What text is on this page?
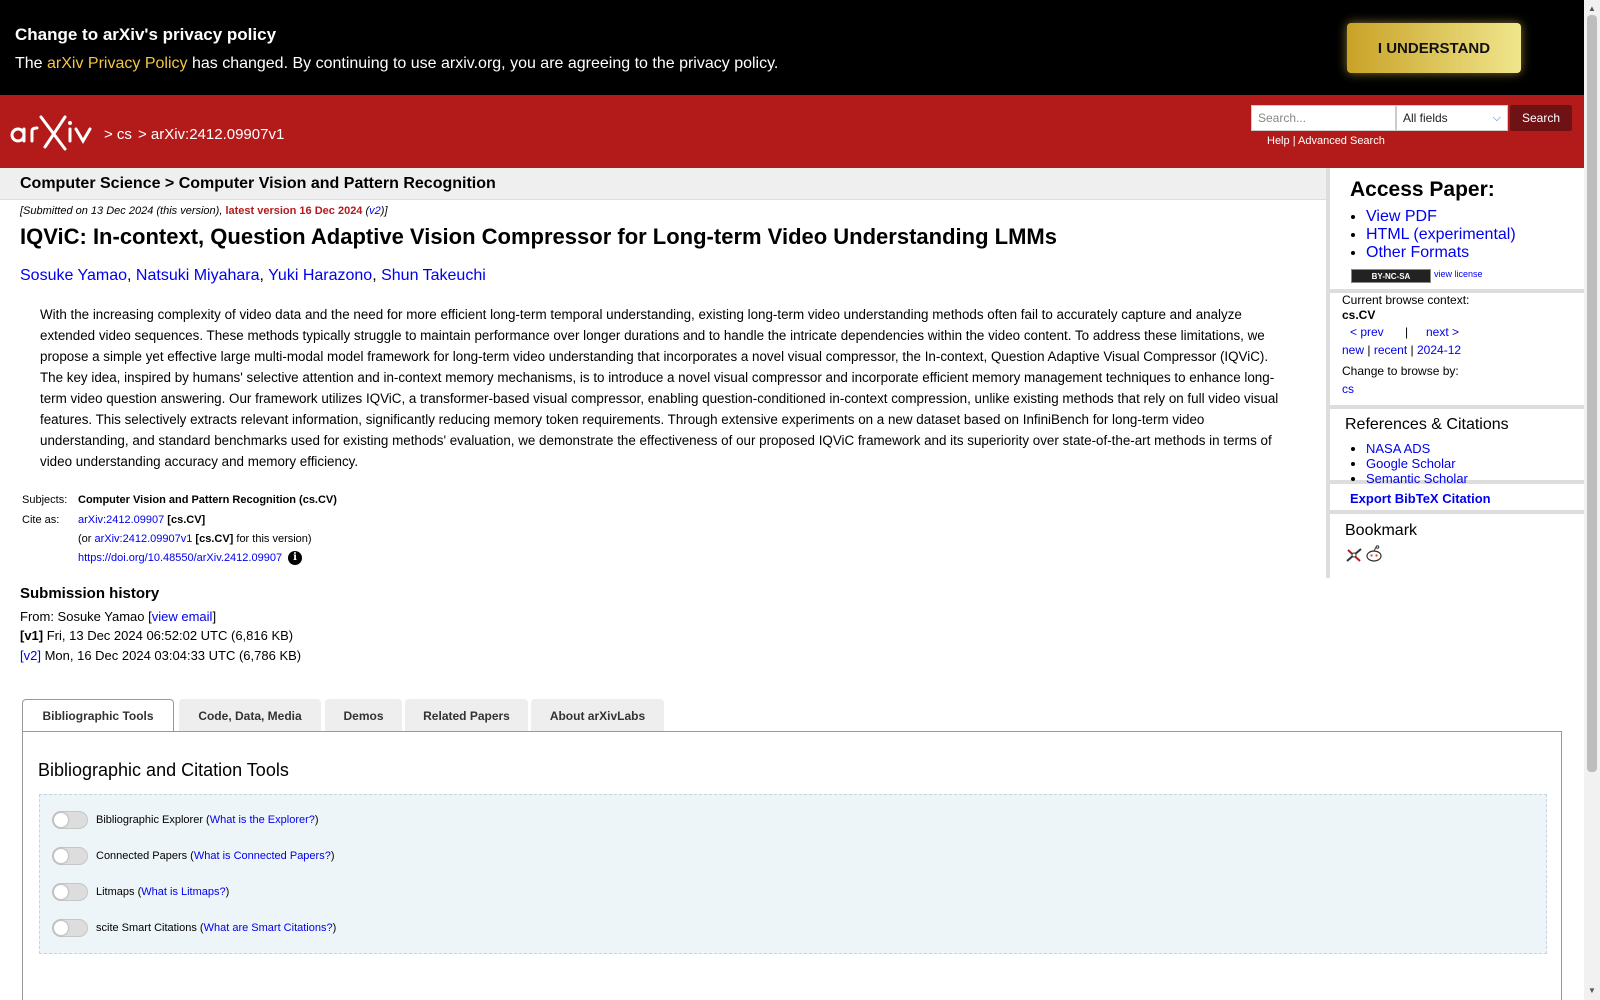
Change to arXiv's privacy policy
The arXiv Privacy Policy has changed. By continuing to use arxiv.org, you are agreeing to the privacy policy.
I UNDERSTAND
> cs > arXiv:2412.09907v1
Search...	All fields	⌵	Search
Help | Advanced Search
Computer Science > Computer Vision and Pattern Recognition
[Submitted on 13 Dec 2024 (this version), latest version 16 Dec 2024 (v2)]
IQViC: In-context, Question Adaptive Vision Compressor for Long-term Video Understanding LMMs
Sosuke Yamao, Natsuki Miyahara, Yuki Harazono, Shun Takeuchi
With the increasing complexity of video data and the need for more efficient long-term temporal understanding, existing long-term video understanding methods often fail to accurately capture and analyze extended video sequences. These methods typically struggle to maintain performance over longer durations and to handle the intricate dependencies within the video content. To address these limitations, we propose a simple yet effective large multi-modal model framework for long-term video understanding that incorporates a novel visual compressor, the In-context, Question Adaptive Visual Compressor (IQViC). The key idea, inspired by humans' selective attention and in-context memory mechanisms, is to introduce a novel visual compressor and incorporate efficient memory management techniques to enhance long-term video question answering. Our framework utilizes IQViC, a transformer-based visual compressor, enabling question-conditioned in-context compression, unlike existing methods that rely on full video visual features. This selectively extracts relevant information, significantly reducing memory token requirements. Through extensive experiments on a new dataset based on InfiniBench for long-term video understanding, and standard benchmarks used for existing methods' evaluation, we demonstrate the effectiveness of our proposed IQViC framework and its superiority over state-of-the-art methods in terms of video understanding accuracy and memory efficiency.
Subjects: Computer Vision and Pattern Recognition (cs.CV)
Cite as: arXiv:2412.09907 [cs.CV]
(or arXiv:2412.09907v1 [cs.CV] for this version)
https://doi.org/10.48550/arXiv.2412.09907 i
Submission history
From: Sosuke Yamao [view email]
[v1] Fri, 13 Dec 2024 06:52:02 UTC (6,816 KB)
[v2] Mon, 16 Dec 2024 03:04:33 UTC (6,786 KB)
Access Paper:
• View PDF
• HTML (experimental)
• Other Formats
BY-NC-SA	view license
Current browse context:
cs.CV
< prev | next >
new | recent | 2024-12
Change to browse by:
cs
References & Citations
• NASA ADS
• Google Scholar
• Semantic Scholar
Export BibTeX Citation
Bookmark
Bibliographic Tools	Code, Data, Media	Demos	Related Papers	About arXivLabs
Bibliographic and Citation Tools
Bibliographic Explorer ( What is the Explorer? )
Connected Papers ( What is Connected Papers? )
Litmaps ( What is Litmaps? )
scite Smart Citations ( What are Smart Citations? )
▲
▼
